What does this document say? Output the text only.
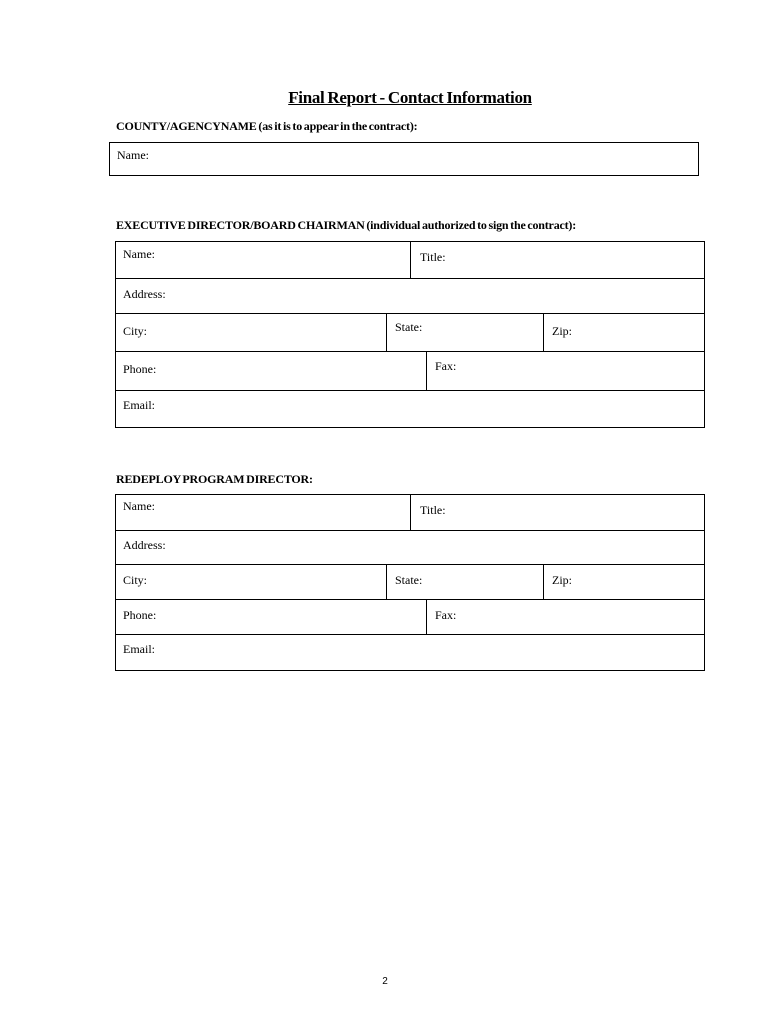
Final Report - Contact Information
COUNTY/AGENCYNAME (as it is to appear in the contract):
Name:
EXECUTIVE DIRECTOR/BOARD CHAIRMAN (individual authorized to sign the contract):
Name:	Title:
Address:
City:	State:	Zip:
Phone:	Fax:
Email:
REDEPLOY PROGRAM DIRECTOR:
Name:	Title:
Address:
City:	State:	Zip:
Phone:	Fax:
Email:
2
